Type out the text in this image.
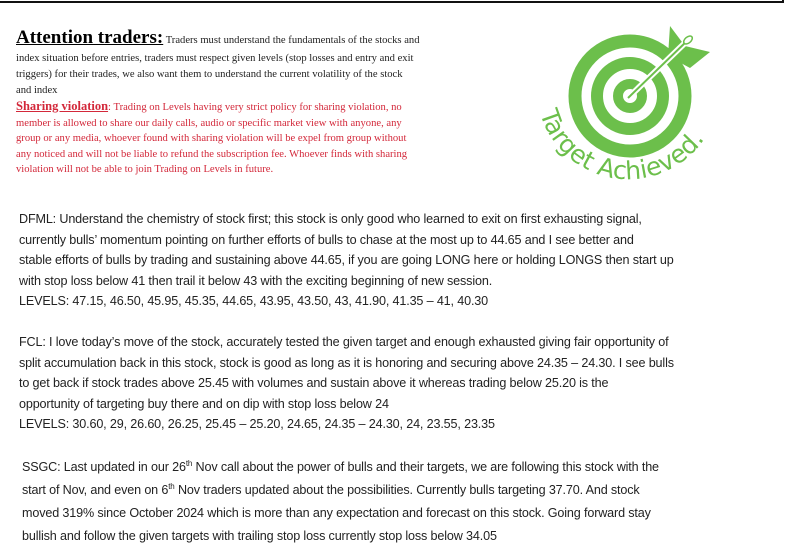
Attention traders: Traders must understand the fundamentals of the stocks and
index situation before entries, traders must respect given levels (stop losses and entry and exit
triggers) for their trades, we also want them to understand the current volatility of the stock
and index
Sharing violation: Trading on Levels having very strict policy for sharing violation, no
member is allowed to share our daily calls, audio or specific market view with anyone, any
group or any media, whoever found with sharing violation will be expel from group without
any noticed and will not be liable to refund the subscription fee. Whoever finds with sharing
violation will not be able to join Trading on Levels in future.
Target Achieved.
DFML: Understand the chemistry of stock first; this stock is only good who learned to exit on first exhausting signal,
currently bulls’ momentum pointing on further efforts of bulls to chase at the most up to 44.65 and I see better and
stable efforts of bulls by trading and sustaining above 44.65, if you are going LONG here or holding LONGS then start up
with stop loss below 41 then trail it below 43 with the exciting beginning of new session.
LEVELS: 47.15, 46.50, 45.95, 45.35, 44.65, 43.95, 43.50, 43, 41.90, 41.35 – 41, 40.30
FCL: I love today’s move of the stock, accurately tested the given target and enough exhausted giving fair opportunity of
split accumulation back in this stock, stock is good as long as it is honoring and securing above 24.35 – 24.30. I see bulls
to get back if stock trades above 25.45 with volumes and sustain above it whereas trading below 25.20 is the
opportunity of targeting buy there and on dip with stop loss below 24
LEVELS: 30.60, 29, 26.60, 26.25, 25.45 – 25.20, 24.65, 24.35 – 24.30, 24, 23.55, 23.35
SSGC: Last updated in our 26th Nov call about the power of bulls and their targets, we are following this stock with the
start of Nov, and even on 6th Nov traders updated about the possibilities. Currently bulls targeting 37.70. And stock
moved 319% since October 2024 which is more than any expectation and forecast on this stock. Going forward stay
bullish and follow the given targets with trailing stop loss currently stop loss below 34.05
